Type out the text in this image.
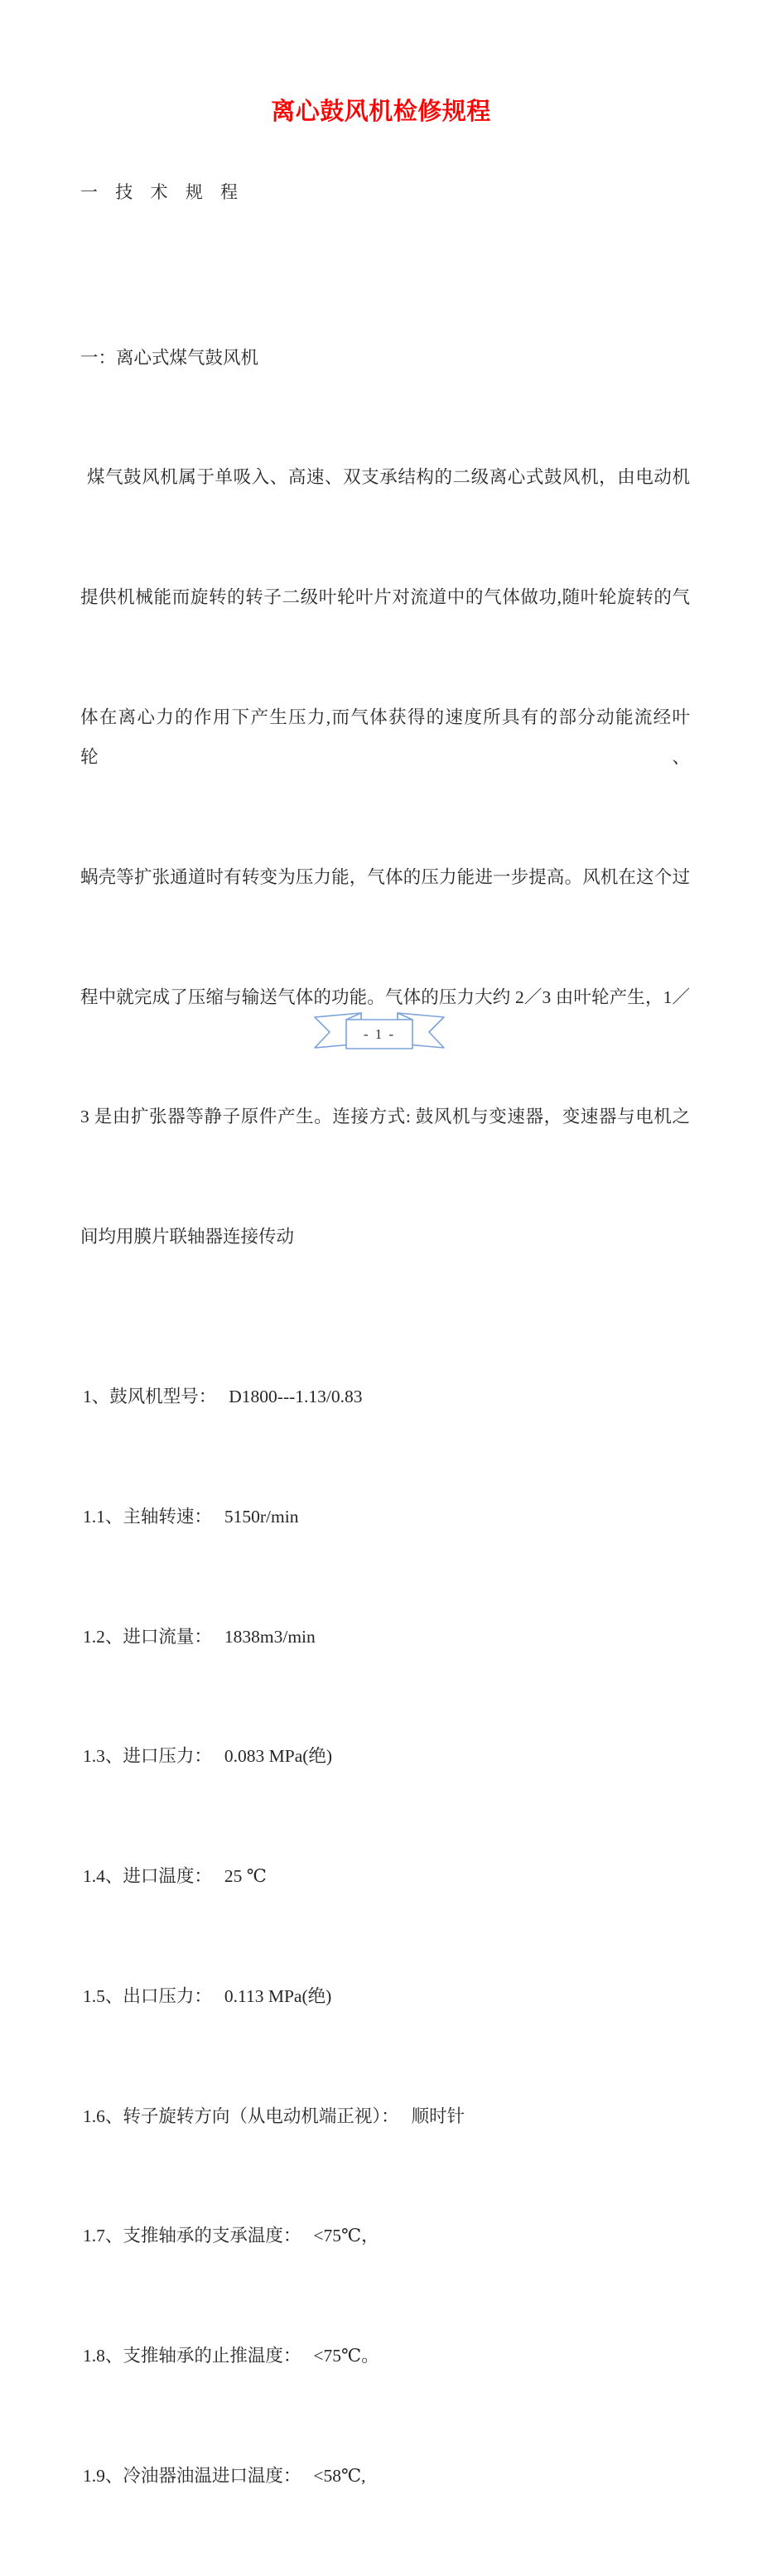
离心鼓风机检修规程
一 技 术 规 程

一：离心式煤气鼓风机

煤气鼓风机属于单吸入、高速、双支承结构的二级离心式鼓风机，由电动机

提供机械能而旋转的转子二级叶轮叶片对流道中的气体做功,随叶轮旋转的气

体在离心力的作用下产生压力,而气体获得的速度所具有的部分动能流经叶轮、

蜗壳等扩张通道时有转变为压力能，气体的压力能进一步提高。风机在这个过

程中就完成了压缩与输送气体的功能。气体的压力大约 2／3 由叶轮产生，1／

3 是由扩张器等静子原件产生。连接方式: 鼓风机与变速器，变速器与电机之

间均用膜片联轴器连接传动

1、鼓风机型号： D1800---1.13/0.83

1.1、主轴转速： 5150r/min

1.2、进口流量： 1838m3/min

1.3、进口压力： 0.083 MPa(绝)

1.4、进口温度： 25 ℃

1.5、出口压力： 0.113 MPa(绝)

1.6、转子旋转方向（从电动机端正视）： 顺时针

1.7、支推轴承的支承温度： <75℃，

1.8、支推轴承的止推温度： <75℃。

1.9、冷油器油温进口温度： <58℃,

- 1 -
